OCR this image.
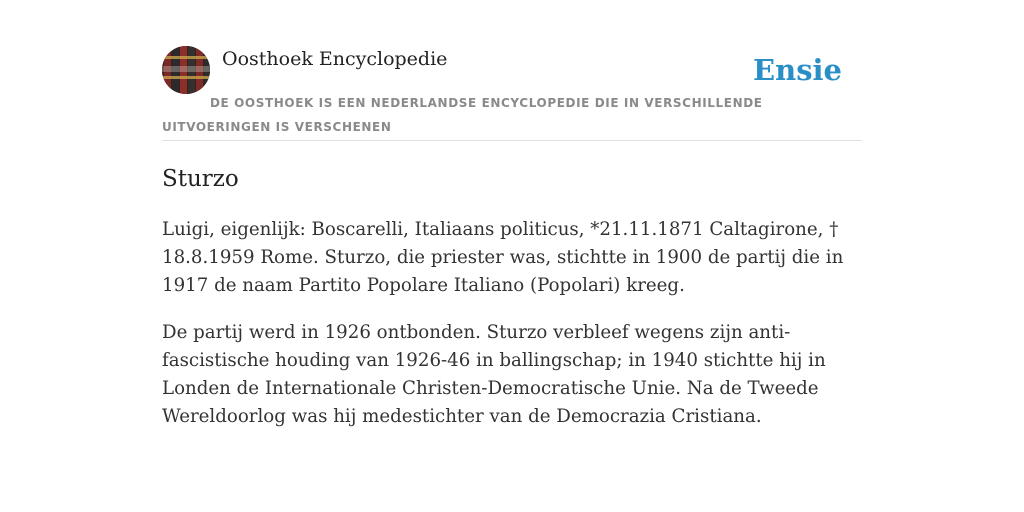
Oosthoek Encyclopedie	Ensie
DE OOSTHOEK IS EEN NEDERLANDSE ENCYCLOPEDIE DIE IN VERSCHILLENDE UITVOERINGEN IS VERSCHENEN
Sturzo

Luigi, eigenlijk: Boscarelli, Italiaans politicus, *21.11.1871 Caltagirone, † 18.8.1959 Rome. Sturzo, die priester was, stichtte in 1900 de partij die in 1917 de naam Partito Popolare Italiano (Popolari) kreeg.

De partij werd in 1926 ontbonden. Sturzo verbleef wegens zijn anti-fascistische houding van 1926-46 in ballingschap; in 1940 stichtte hij in Londen de Internationale Christen-Democratische Unie. Na de Tweede Wereldoorlog was hij medestichter van de Democrazia Cristiana.
